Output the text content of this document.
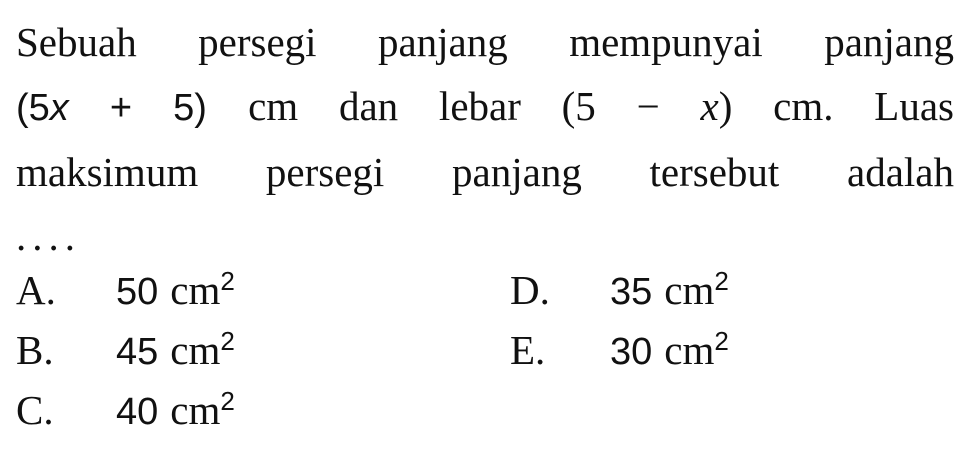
Sebuah persegi panjang mempunyai panjang
(5x + 5) cm dan lebar (5 − x) cm. Luas
maksimum persegi panjang tersebut adalah
....
A. 50 $cm^2$
B. 45 $cm^2$
C. 40 $cm^2$
D. 35 $cm^2$
E. 30 $cm^2$
